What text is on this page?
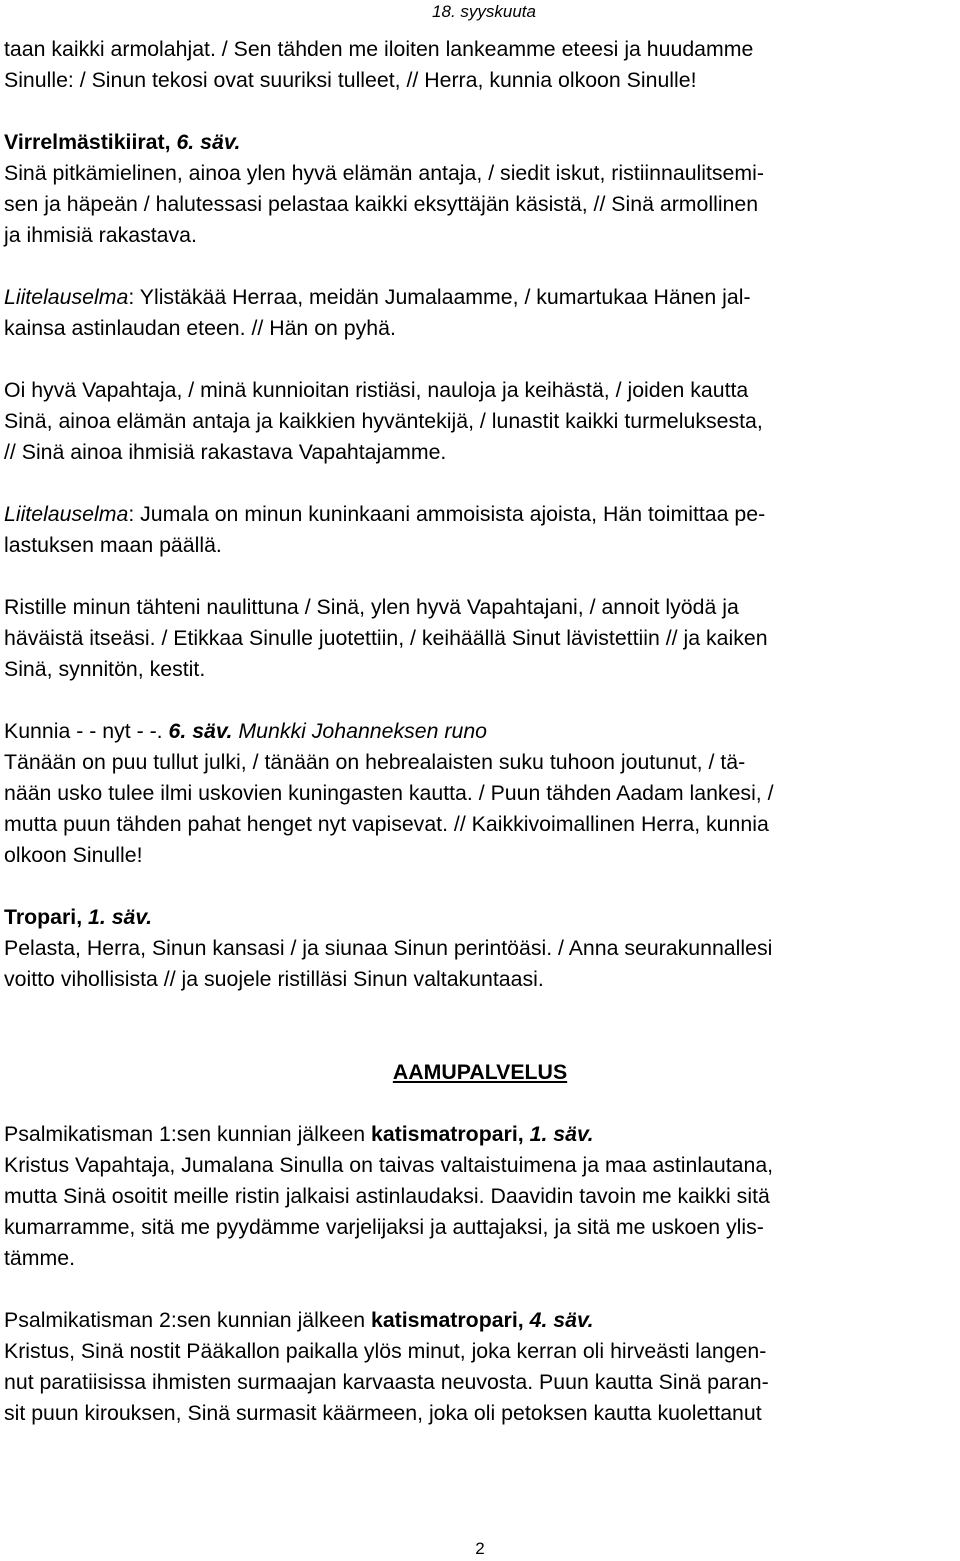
18. syyskuuta

taan kaikki armolahjat. / Sen tähden me iloiten lankeamme eteesi ja huudamme

Sinulle: / Sinun tekosi ovat suuriksi tulleet, // Herra, kunnia olkoon Sinulle!

Virrelmästikiirat, 6. säv.

Sinä pitkämielinen, ainoa ylen hyvä elämän antaja, / siedit iskut, ristiinnaulitsemi-

sen ja häpeän / halutessasi pelastaa kaikki eksyttäjän käsistä, // Sinä armollinen

ja ihmisiä rakastava.

Liitelauselma: Ylistäkää Herraa, meidän Jumalaamme, / kumartukaa Hänen jal-

kainsa astinlaudan eteen. // Hän on pyhä.

Oi hyvä Vapahtaja, / minä kunnioitan ristiäsi, nauloja ja keihästä, / joiden kautta

Sinä, ainoa elämän antaja ja kaikkien hyväntekijä, / lunastit kaikki turmeluksesta,

// Sinä ainoa ihmisiä rakastava Vapahtajamme.

Liitelauselma: Jumala on minun kuninkaani ammoisista ajoista, Hän toimittaa pe-

lastuksen maan päällä.

Ristille minun tähteni naulittuna / Sinä, ylen hyvä Vapahtajani, / annoit lyödä ja

häväistä itseäsi. / Etikkaa Sinulle juotettiin, / keihäällä Sinut lävistettiin // ja kaiken

Sinä, synnitön, kestit.

Kunnia - - nyt - -. 6. säv. Munkki Johanneksen runo

Tänään on puu tullut julki, / tänään on hebrealaisten suku tuhoon joutunut, / tä-

nään usko tulee ilmi uskovien kuningasten kautta. / Puun tähden Aadam lankesi, /

mutta puun tähden pahat henget nyt vapisevat. // Kaikkivoimallinen Herra, kunnia

olkoon Sinulle!

Tropari, 1. säv.

Pelasta, Herra, Sinun kansasi / ja siunaa Sinun perintöäsi. / Anna seurakunnallesi

voitto vihollisista // ja suojele ristilläsi Sinun valtakuntaasi.

AAMUPALVELUS

Psalmikatisman 1:sen kunnian jälkeen katismatropari, 1. säv.

Kristus Vapahtaja, Jumalana Sinulla on taivas valtaistuimena ja maa astinlautana,

mutta Sinä osoitit meille ristin jalkaisi astinlaudaksi. Daavidin tavoin me kaikki sitä

kumarramme, sitä me pyydämme varjelijaksi ja auttajaksi, ja sitä me uskoen ylis-

tämme.

Psalmikatisman 2:sen kunnian jälkeen katismatropari, 4. säv.

Kristus, Sinä nostit Pääkallon paikalla ylös minut, joka kerran oli hirveästi langen-

nut paratiisissa ihmisten surmaajan karvaasta neuvosta. Puun kautta Sinä paran-

sit puun kirouksen, Sinä surmasit käärmeen, joka oli petoksen kautta kuolettanut

2
